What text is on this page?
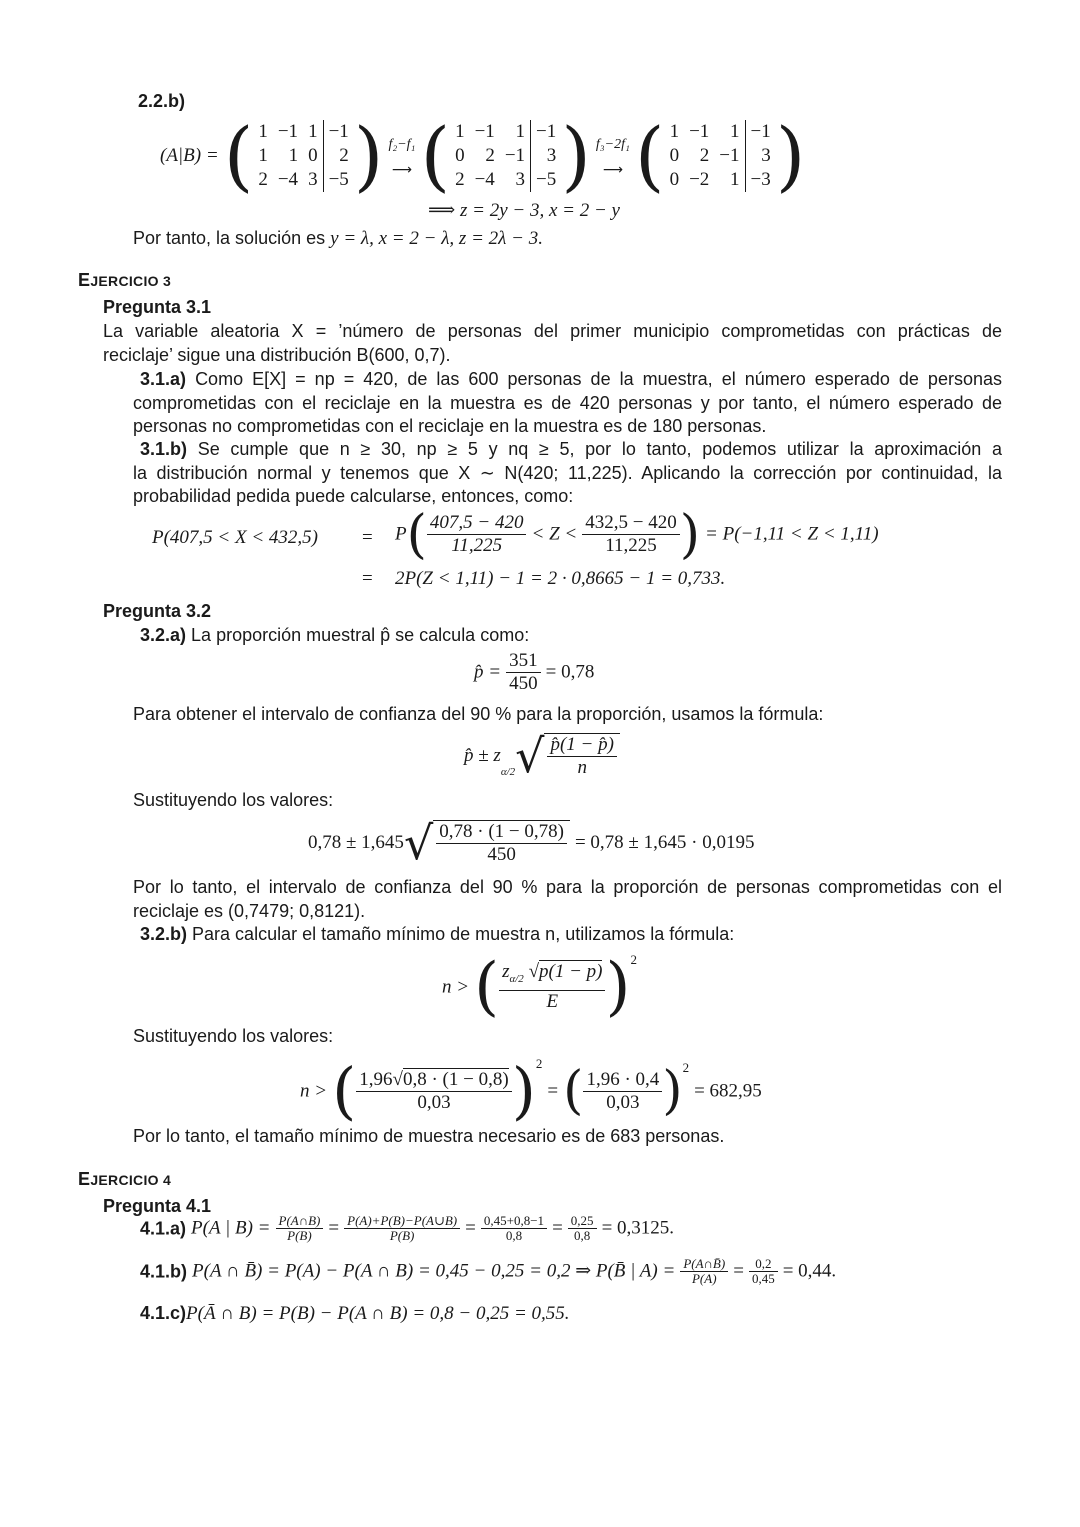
2.2.b)
(A|B) = ( 1	−1	1	−1
1	1	0	2
2	−4	3	−5 ) f₂−f₁
⟶ ( 1	−1	1	−1
0	2	−1	3
2	−4	3	−5 ) f₃−2f₁
⟶ ( 1	−1	1	−1
0	2	−1	3
0	−2	1	−3 )
⟹ z = 2y − 3, x = 2 − y
Por tanto, la solución es y = λ, x = 2 − λ, z = 2λ − 3.
EJERCICIO 3
Pregunta 3.1
La variable aleatoria X = ’número de personas del primer municipio comprometidas con prácticas de
reciclaje’ sigue una distribución B(600, 0,7).
3.1.a) Como E[X] = np = 420, de las 600 personas de la muestra, el número esperado de personas
comprometidas con el reciclaje en la muestra es de 420 personas y por tanto, el número esperado de
personas no comprometidas con el reciclaje en la muestra es de 180 personas.
3.1.b) Se cumple que n ≥ 30, np ≥ 5 y nq ≥ 5, por lo tanto, podemos utilizar la aproximación a
la distribución normal y tenemos que X ∼ N(420; 11,225). Aplicando la corrección por continuidad, la
probabilidad pedida puede calcularse, entonces, como:
$P(407,5 < X < 432,5) = P( \frac{407,5 - 420}{11,225} < Z < \frac{432,5 - 420}{11,225}$ ) = P(−1,11 < Z < 1,11)
= 2P(Z < 1,11) − 1 = 2 · 0,8665 − 1 = 0,733.
Pregunta 3.2
3.2.a) La proporción muestral p̂ se calcula como:
p̂ = $\frac{351}{450} = 0,78$
Para obtener el intervalo de confianza del 90 % para la proporción, usamos la fórmula:
p̂ ± $z_{\alpha/2}√ \frac{p̂(1 - p̂)}{n}$
Sustituyendo los valores:
$0,78 \pm 1,645√ \frac{0,78 \cdot (1 - 0,78)}{450} = 0,78 \pm 1,645 \cdot 0,0195$
Por lo tanto, el intervalo de confianza del 90 % para la proporción de personas comprometidas con el
reciclaje es (0,7479; 0,8121).
3.2.b) Para calcular el tamaño mínimo de muestra n, utilizamos la fórmula:
n > ( $\frac{z_{\alpha/2} √p(1 - p)}{E} )^2$
Sustituyendo los valores:
n > ( $\frac{1,96√0,8 \cdot (1 - 0,8)}{0,03} )^2$ = ( $\frac{1,96 \cdot 0,4}{0,03} )^2 = 682,95$
Por lo tanto, el tamaño mínimo de muestra necesario es de 683 personas.
EJERCICIO 4
Pregunta 4.1
4.1.a) P(A | $B) = \frac{P(A\cap B)}{P(B)} = \frac{P(A)+P(B)-P(A\cup B)}{P(B)} = \frac{0,45+0,8-1}{0,8} = \frac{0,25}{0,8} = 0,3125$.
4.1.b) P(A ∩ B̄) = P(A) − P(A ∩ B) = 0,45 − 0,25 = 0,2 ⇒ P(B̄ | $A) = \frac{P(A\cap B̄)}{P(A)} = \frac{0,2}{0,45} = 0,44$.
4.1.c)P(Ā ∩ B) = P(B) − P(A ∩ B) = 0,8 − 0,25 = 0,55.
